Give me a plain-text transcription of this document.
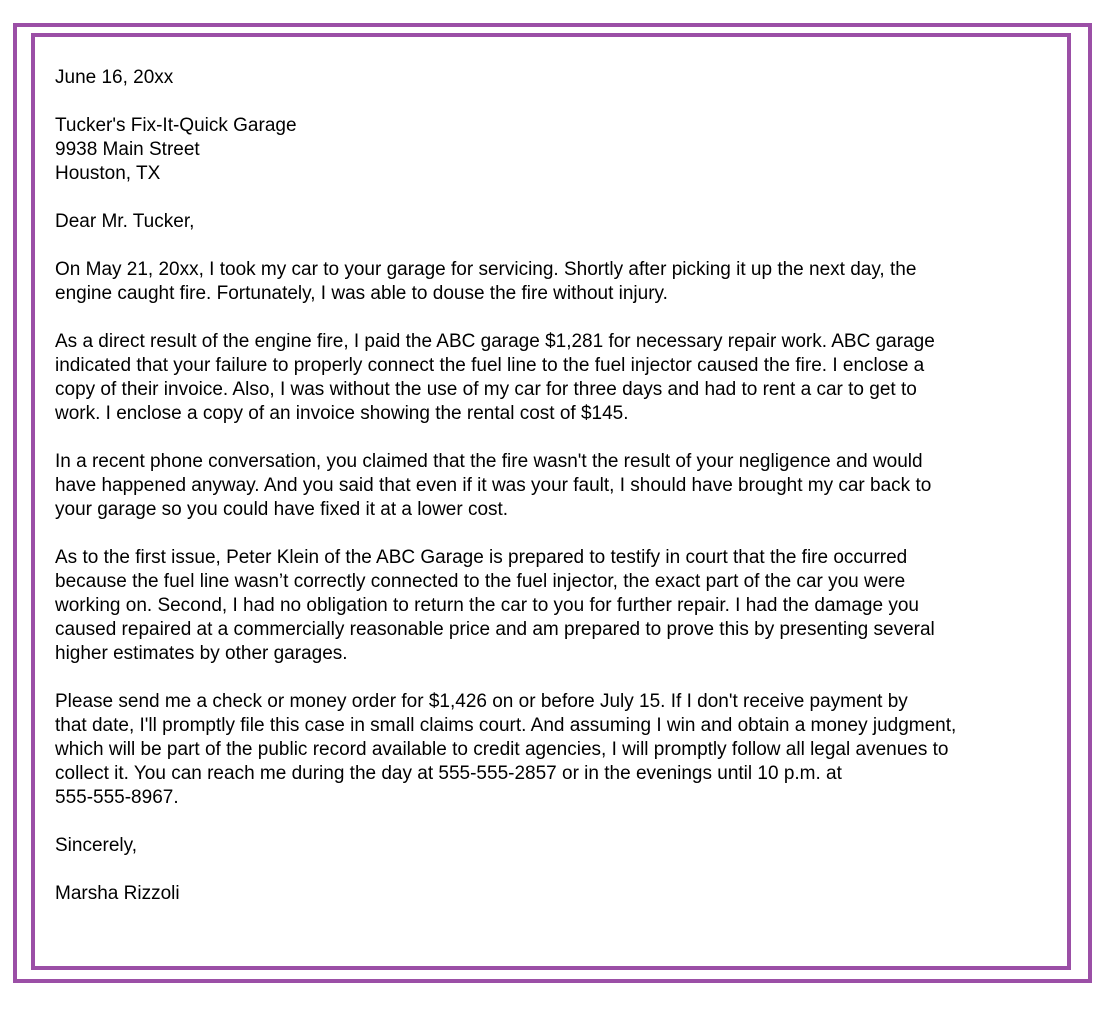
June 16, 20xx
Tucker's Fix-It-Quick Garage
9938 Main Street
Houston, TX
Dear Mr. Tucker,
On May 21, 20xx, I took my car to your garage for servicing. Shortly after picking it up the next day, the
engine caught fire. Fortunately, I was able to douse the fire without injury.
As a direct result of the engine fire, I paid the ABC garage $1,281 for necessary repair work. ABC garage
indicated that your failure to properly connect the fuel line to the fuel injector caused the fire. I enclose a
copy of their invoice. Also, I was without the use of my car for three days and had to rent a car to get to
work. I enclose a copy of an invoice showing the rental cost of $145.
In a recent phone conversation, you claimed that the fire wasn't the result of your negligence and would
have happened anyway. And you said that even if it was your fault, I should have brought my car back to
your garage so you could have fixed it at a lower cost.
As to the first issue, Peter Klein of the ABC Garage is prepared to testify in court that the fire occurred
because the fuel line wasn’t correctly connected to the fuel injector, the exact part of the car you were
working on. Second, I had no obligation to return the car to you for further repair. I had the damage you
caused repaired at a commercially reasonable price and am prepared to prove this by presenting several
higher estimates by other garages.
Please send me a check or money order for $1,426 on or before July 15. If I don't receive payment by
that date, I'll promptly file this case in small claims court. And assuming I win and obtain a money judgment,
which will be part of the public record available to credit agencies, I will promptly follow all legal avenues to
collect it. You can reach me during the day at 555-555-2857 or in the evenings until 10 p.m. at
555-555-8967.
Sincerely,
Marsha Rizzoli
